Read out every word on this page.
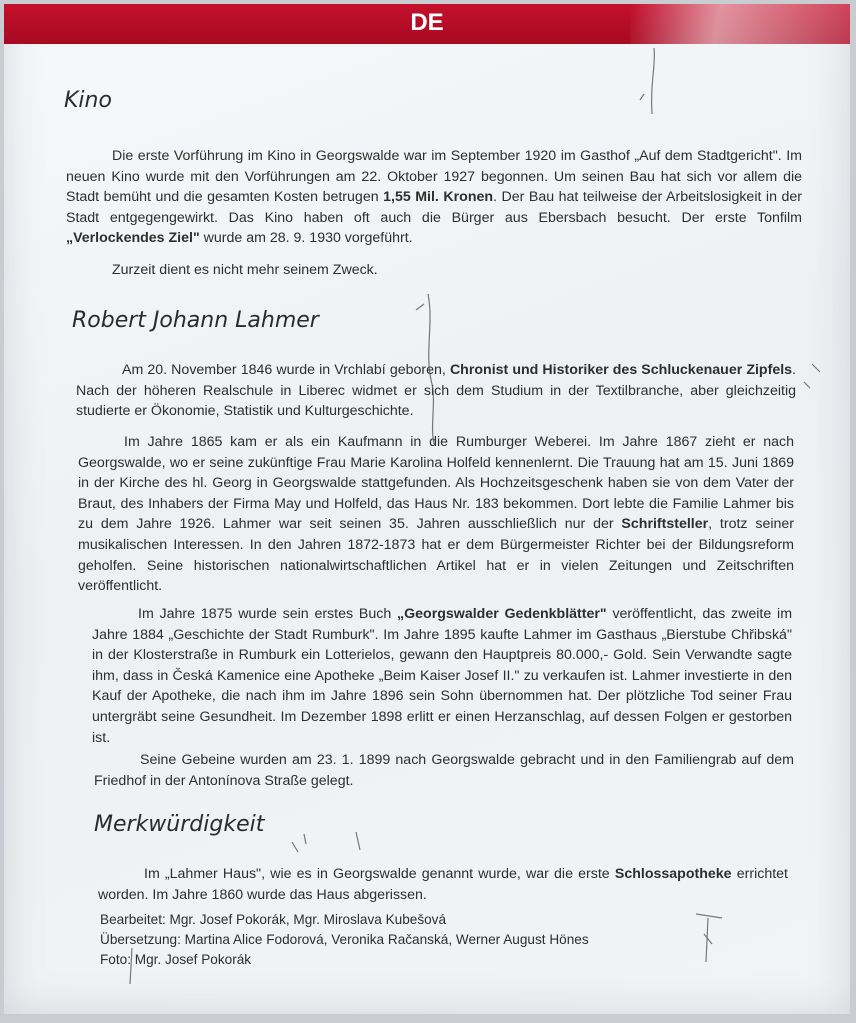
DE
Kino

Die erste Vorführung im Kino in Georgswalde war im September 1920 im Gasthof „Auf dem Stadtgericht". Im neuen Kino wurde mit den Vorführungen am 22. Oktober 1927 begonnen. Um seinen Bau hat sich vor allem die Stadt bemüht und die gesamten Kosten betrugen 1,55 Mil. Kronen. Der Bau hat teilweise der Arbeitslosigkeit in der Stadt entgegengewirkt. Das Kino haben oft auch die Bürger aus Ebersbach besucht. Der erste Tonfilm „Verlockendes Ziel" wurde am 28. 9. 1930 vorgeführt.

Zurzeit dient es nicht mehr seinem Zweck.

Robert Johann Lahmer

Am 20. November 1846 wurde in Vrchlabí geboren, Chronist und Historiker des Schluckenauer Zipfels. Nach der höheren Realschule in Liberec widmet er sich dem Studium in der Textilbranche, aber gleichzeitig studierte er Ökonomie, Statistik und Kulturgeschichte.

Im Jahre 1865 kam er als ein Kaufmann in die Rumburger Weberei. Im Jahre 1867 zieht er nach Georgswalde, wo er seine zukünftige Frau Marie Karolina Holfeld kennenlernt. Die Trauung hat am 15. Juni 1869 in der Kirche des hl. Georg in Georgswalde stattgefunden. Als Hochzeitsgeschenk haben sie von dem Vater der Braut, des Inhabers der Firma May und Holfeld, das Haus Nr. 183 bekommen. Dort lebte die Familie Lahmer bis zu dem Jahre 1926. Lahmer war seit seinen 35. Jahren ausschließlich nur der Schriftsteller, trotz seiner musikalischen Interessen. In den Jahren 1872-1873 hat er dem Bürgermeister Richter bei der Bildungsreform geholfen. Seine historischen nationalwirtschaftlichen Artikel hat er in vielen Zeitungen und Zeitschriften veröffentlicht.

Im Jahre 1875 wurde sein erstes Buch „Georgswalder Gedenkblätter" veröffentlicht, das zweite im Jahre 1884 „Geschichte der Stadt Rumburk". Im Jahre 1895 kaufte Lahmer im Gasthaus „Bierstube Chřibská" in der Klosterstraße in Rumburk ein Lotterielos, gewann den Hauptpreis 80.000,- Gold. Sein Verwandte sagte ihm, dass in Česká Kamenice eine Apotheke „Beim Kaiser Josef II." zu verkaufen ist. Lahmer investierte in den Kauf der Apotheke, die nach ihm im Jahre 1896 sein Sohn übernommen hat. Der plötzliche Tod seiner Frau untergräbt seine Gesundheit. Im Dezember 1898 erlitt er einen Herzanschlag, auf dessen Folgen er gestorben ist.

Seine Gebeine wurden am 23. 1. 1899 nach Georgswalde gebracht und in den Familiengrab auf dem Friedhof in der Antonínova Straße gelegt.

Merkwürdigkeit

Im „Lahmer Haus", wie es in Georgswalde genannt wurde, war die erste Schlossapotheke errichtet worden. Im Jahre 1860 wurde das Haus abgerissen.

Bearbeitet: Mgr. Josef Pokorák, Mgr. Miroslava Kubešová
Übersetzung: Martina Alice Fodorová, Veronika Račanská, Werner August Hönes
Foto: Mgr. Josef Pokorák
